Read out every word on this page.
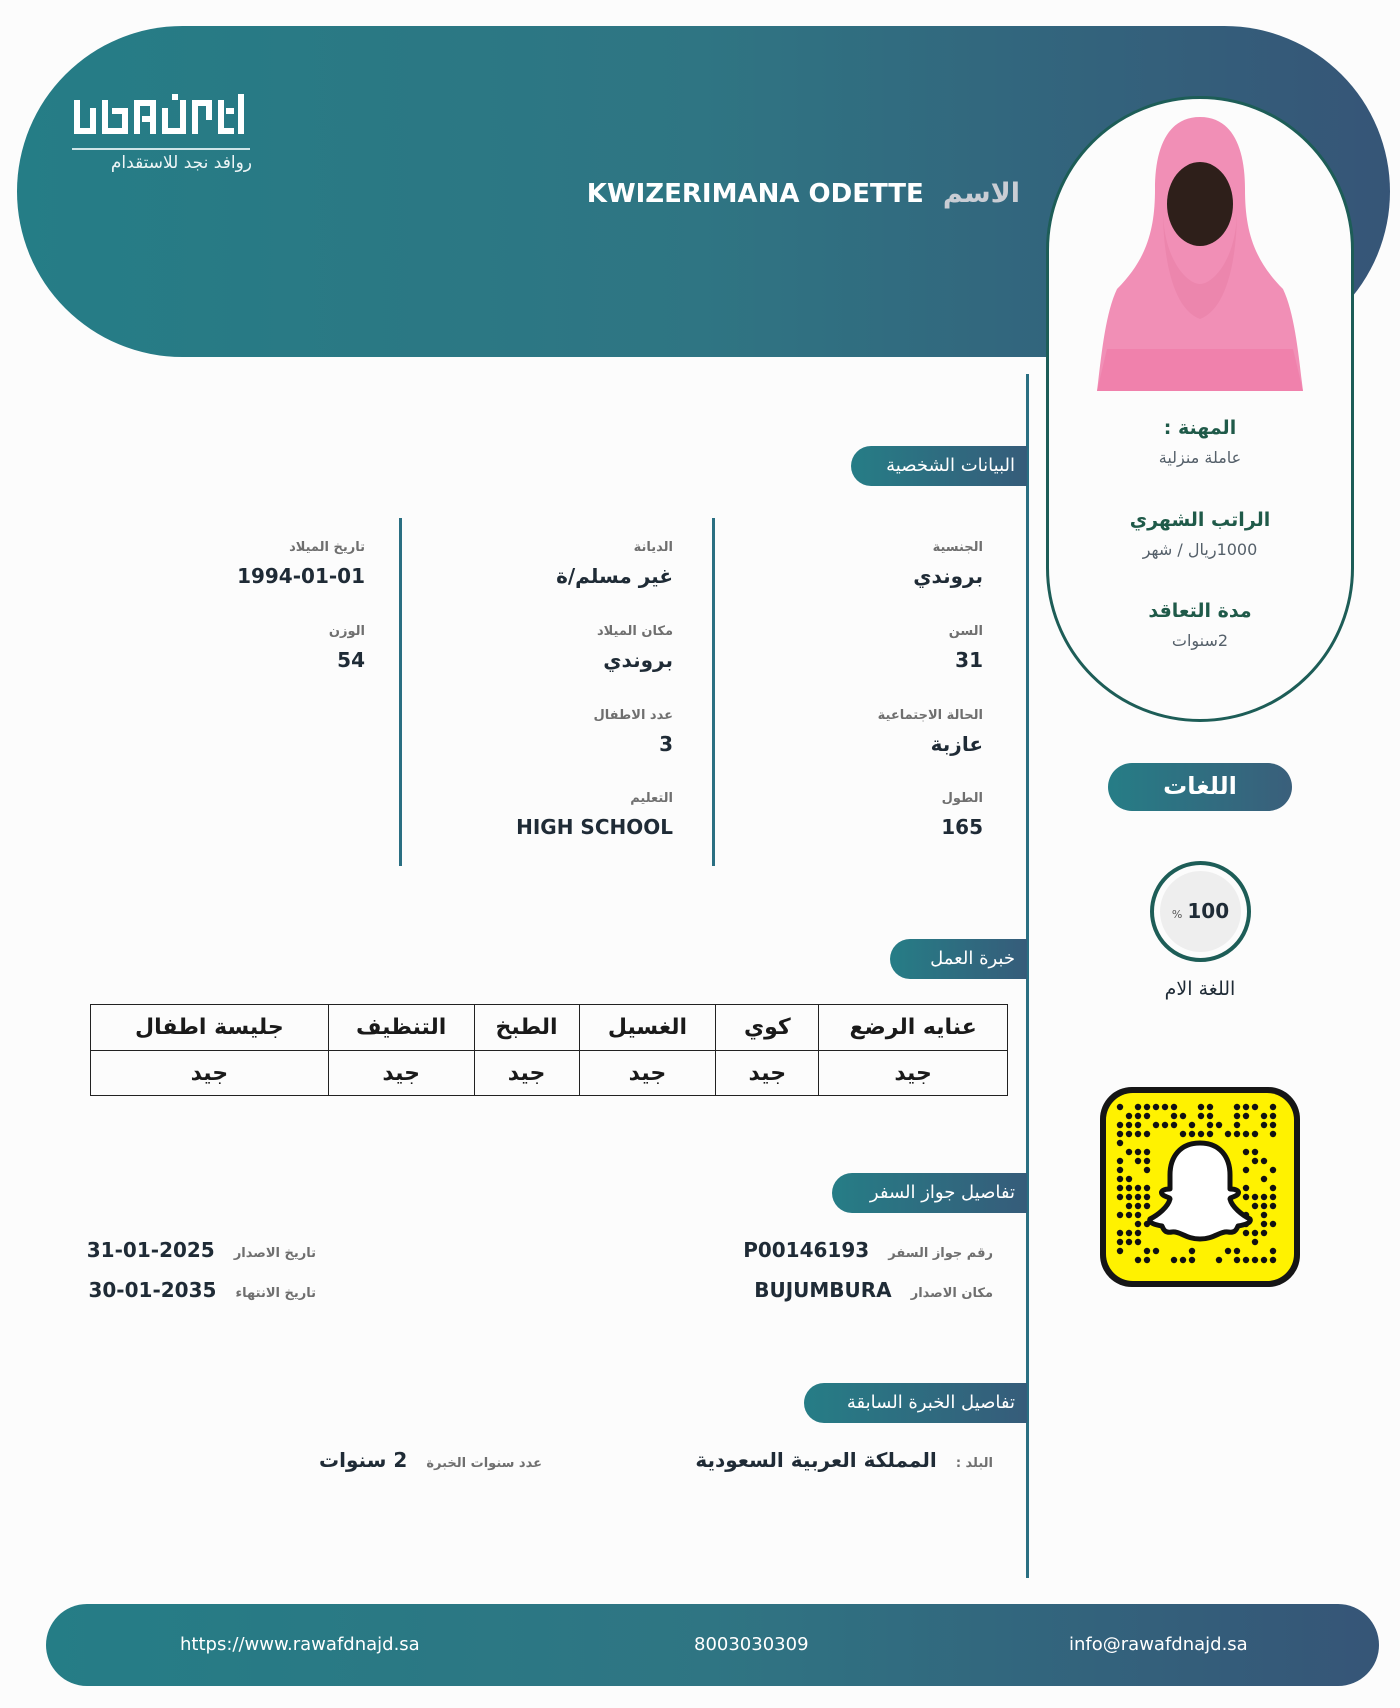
روافد نجد للاستقدام
الاسم KWIZERIMANA ODETTE
المهنة :
عاملة منزلية
الراتب الشهري
1000ريال / شهر
مدة التعاقد
2سنوات
اللغات
% 100
اللغة الام
البيانات الشخصية
الجنسية
بروندي
السن
31
الحالة الاجتماعية
عازبة
الطول
165
الديانة
غير مسلم/ة
مكان الميلاد
بروندي
عدد الاطفال
3
التعليم
HIGH SCHOOL
تاريخ الميلاد
1994-01-01
الوزن
54
خبرة العمل
عنايه الرضع	كوي	الغسيل	الطبخ	التنظيف	جليسة اطفال
جيد	جيد	جيد	جيد	جيد	جيد
تفاصيل جواز السفر
رقم جواز السفر P00146193
مكان الاصدار BUJUMBURA
تاريخ الاصدار 2025-01-31
تاريخ الانتهاء 2035-01-30
تفاصيل الخبرة السابقة
البلد : المملكة العربية السعودية
عدد سنوات الخبرة 2 سنوات
https://www.rawafdnajd.sa	8003030309	info@rawafdnajd.sa
